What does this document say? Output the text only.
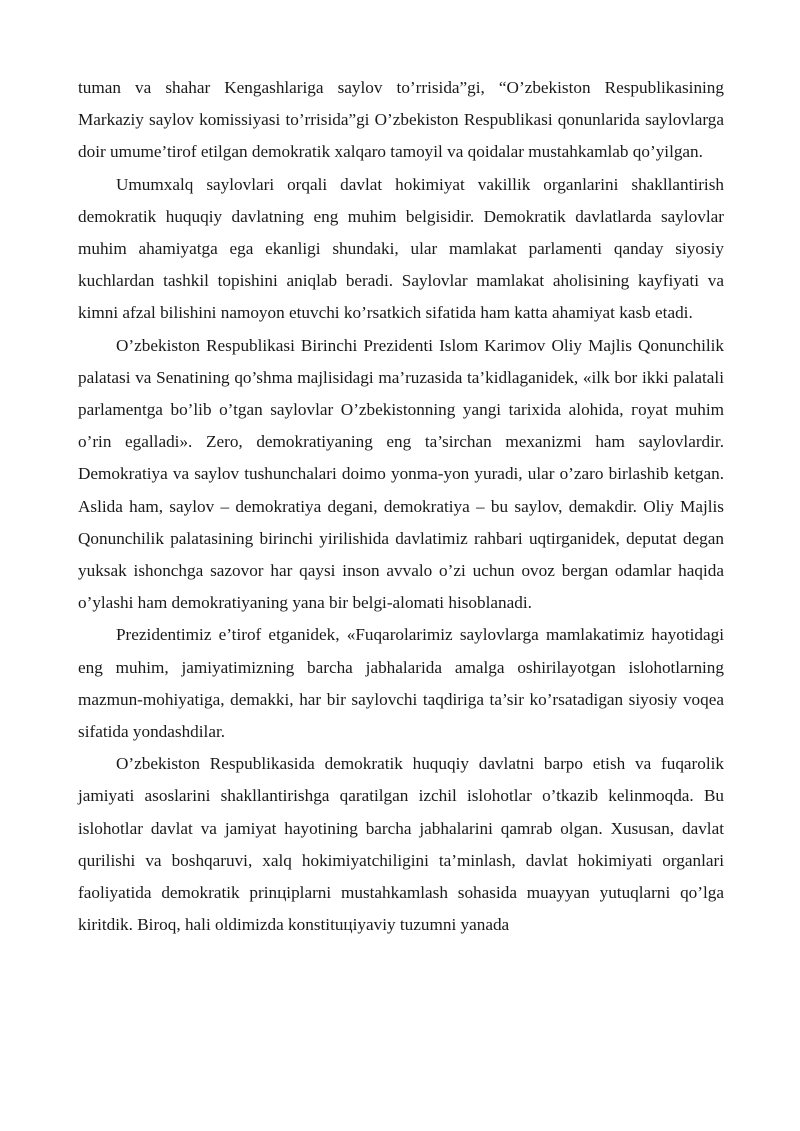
tuman va shahar Kengashlariga saylov to’rrisida”gi, “O’zbekiston Respublikasining Markaziy saylov komissiyasi to’rrisida”gi O’zbekiston Respublikasi qonunlarida saylovlarga doir umume’tirof etilgan demokratik xalqaro tamoyil va qoidalar mustahkamlab qo’yilgan.

Umumxalq saylovlari orqali davlat hokimiyat vakillik organlarini shakllantirish demokratik huquqiy davlatning eng muhim belgisidir. Demokratik davlatlarda saylovlar muhim ahamiyatga ega ekanligi shundaki, ular mamlakat parlamenti qanday siyosiy kuchlardan tashkil topishini aniqlab beradi. Saylovlar mamlakat aholisining kayfiyati va kimni afzal bilishini namoyon etuvchi ko’rsatkich sifatida ham katta ahamiyat kasb etadi.

O’zbekiston Respublikasi Birinchi Prezidenti Islom Karimov Oliy Majlis Qonunchilik palatasi va Senatining qo’shma majlisidagi ma’ruzasida ta’kidlaganidek, «ilk bor ikki palatali parlamentga bo’lib o’tgan saylovlar O’zbekistonning yangi tarixida alohida, гoyat muhim o’rin egalladi». Zero, demokratiyaning eng ta’sirchan mexanizmi ham saylovlardir. Demokratiya va saylov tushunchalari doimo yonma-yon yuradi, ular o’zaro birlashib ketgan. Aslida ham, saylov – demokratiya degani, demokratiya – bu saylov, demakdir. Oliy Majlis Qonunchilik palatasining birinchi yirilishida davlatimiz rahbari uqtirganidek, deputat degan yuksak ishonchga sazovor har qaysi inson avvalo o’zi uchun ovoz bergan odamlar haqida o’ylashi ham demokratiyaning yana bir belgi-alomati hisoblanadi.

Prezidentimiz e’tirof etganidek, «Fuqarolarimiz saylovlarga mamlakatimiz hayotidagi eng muhim, jamiyatimizning barcha jabhalarida amalga oshirilayotgan islohotlarning mazmun-mohiyatiga, demakki, har bir saylovchi taqdiriga ta’sir ko’rsatadigan siyosiy voqea sifatida yondashdilar.

O’zbekiston Respublikasida demokratik huquqiy davlatni barpo etish va fuqarolik jamiyati asoslarini shakllantirishga qaratilgan izchil islohotlar o’tkazib kelinmoqda. Bu islohotlar davlat va jamiyat hayotining barcha jabhalarini qamrab olgan. Xususan, davlat qurilishi va boshqaruvi, xalq hokimiyatchiligini ta’minlash, davlat hokimiyati organlari faoliyatida demokratik prinцiplarni mustahkamlash sohasida muayyan yutuqlarni qo’lga kiritdik. Biroq, hali oldimizda konstituцiyaviy tuzumni yanada
